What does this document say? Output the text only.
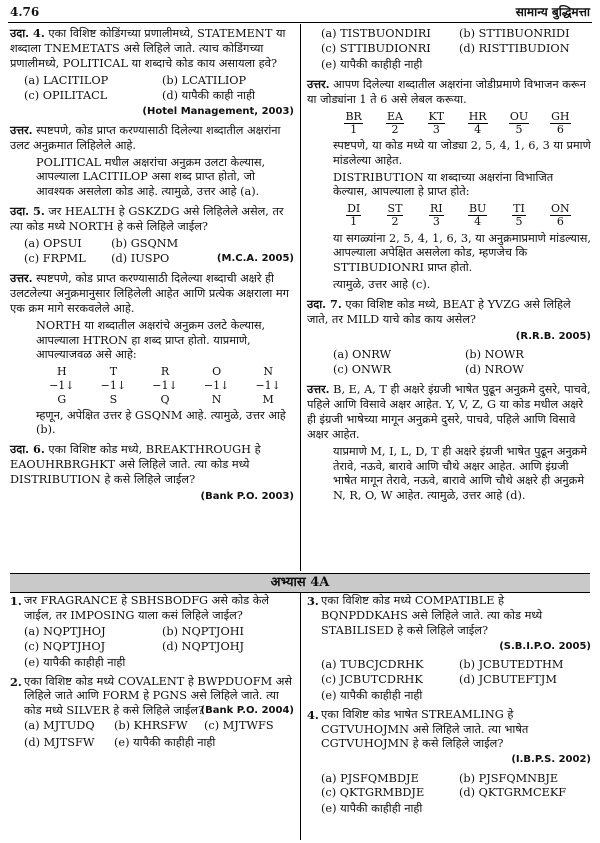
4.76	सामान्य बुद्धिमत्ता

उदा. 4. एका विशिष्ट कोडिंगच्या प्रणालीमध्ये, STATEMENT या शब्दाला TNEMETATS असे लिहिले जाते. त्याच कोडिंगच्या प्रणालीमध्ये, POLITICAL या शब्दाचे कोड काय असायला हवे?

(a) LACITILOP	(b) LCATILIOP
(c) OPILITACL	(d) यापैकी काही नाही
(Hotel Management, 2003)

उत्तर. स्पष्टपणे, कोड प्राप्त करण्यासाठी दिलेल्या शब्दातील अक्षरांना उलट अनुक्रमात लिहिलेले आहे.

POLITICAL मधील अक्षरांचा अनुक्रम उलटा केल्यास, आपल्याला LACITILOP असा शब्द प्राप्त होतो, जो आवश्यक असलेला कोड आहे. त्यामुळे, उत्तर आहे (a).

उदा. 5. जर HEALTH हे GSKZDG असे लिहिलेले असेल, तर त्या कोड मध्ये NORTH हे कसे लिहिले जाईल?

(a) OPSUI	(b) GSQNM
(c) FRPML	(d) IUSPO	(M.C.A. 2005)

उत्तर. स्पष्टपणे, कोड प्राप्त करण्यासाठी दिलेल्या शब्दाची अक्षरे ही उलटलेल्या अनुक्रमानुसार लिहिलेली आहेत आणि प्रत्येक अक्षराला मग एक क्रम मागे सरकवलेले आहे.

NORTH या शब्दातील अक्षरांचे अनुक्रम उलटे केल्यास, आपल्याला HTRON हा शब्द प्राप्त होतो. याप्रमाणे, आपल्याजवळ असे आहे:

H	T	R	O	N
−1↓	−1↓	−1↓	−1↓	−1↓
G	S	Q	N	M

म्हणून, अपेक्षित उत्तर हे GSQNM आहे. त्यामुळे, उत्तर आहे (b).

उदा. 6. एका विशिष्ट कोड मध्ये, BREAKTHROUGH हे EAOUHRBRGHKT असे लिहिले जाते. त्या कोड मध्ये DISTRIBUTION हे कसे लिहिले जाईल?

(Bank P.O. 2003)
(a) TISTBUONDIRI	(b) STTIBUONRIDI
(c) STTIBUDIONRI	(d) RISTTIBUDION
(e) यापैकी काहीही नाही

उत्तर. आपण दिलेल्या शब्दातील अक्षरांना जोडीप्रमाणे विभाजन करून या जोड्यांना 1 ते 6 असे लेबल करूया.

BR	EA	KT	HR	OU	GH
1	2	3	4	5	6

स्पष्टपणे, या कोड मध्ये या जोड्या 2, 5, 4, 1, 6, 3 या प्रमाणे मांडलेल्या आहेत.

DISTRIBUTION या शब्दाच्या अक्षरांना विभाजित केल्यास, आपल्याला हे प्राप्त होते:

DI	ST	RI	BU	TI	ON
1	2	3	4	5	6

या सगळ्यांना 2, 5, 4, 1, 6, 3, या अनुक्रमाप्रमाणे मांडल्यास, आपल्याला अपेक्षित असलेला कोड, म्हणजेच कि STTIBUDIONRI प्राप्त होतो.

त्यामुळे, उत्तर आहे (c).

उदा. 7. एका विशिष्ट कोड मध्ये, BEAT हे YVZG असे लिहिले जाते, तर MILD याचे कोड काय असेल?

(R.R.B. 2005)
(a) ONRW	(b) NOWR
(c) ONWR	(d) NROW

उत्तर. B, E, A, T ही अक्षरे इंग्रजी भाषेत पुढून अनुक्रमे दुसरे, पाचवे, पहिले आणि विसावे अक्षर आहेत. Y, V, Z, G या कोड मधील अक्षरे ही इंग्रजी भाषेच्या मागून अनुक्रमे दुसरे, पाचवे, पहिले आणि विसावे अक्षर आहेत.

याप्रमाणे M, I, L, D, T ही अक्षरे इंग्रजी भाषेत पुढून अनुक्रमे तेरावे, नऊवे, बारावे आणि चौथे अक्षर आहेत. आणि इंग्रजी भाषेत मागून तेरावे, नऊवे, बारावे आणि चौथे अक्षरे ही अनुक्रमे N, R, O, W आहेत. त्यामुळे, उत्तर आहे (d).

अभ्यास 4A
1. जर FRAGRANCE हे SBHSBODFG असे कोड केले जाईल, तर IMPOSING याला कसं लिहिले जाईल?
(a) NQPTJHOJ	(b) NQPTJOHI
(c) NQPTJHOJ	(d) NQPTJOHJ
(e) यापैकी काहीही नाही
2. एका विशिष्ट कोड मध्ये COVALENT हे BWPDUOFM असे लिहिले जाते आणि FORM हे PGNS असे लिहिले जाते. त्या कोड मध्ये SILVER हे कसे लिहिले जाईल?
(Bank P.O. 2004)
(a) MJTUDQ	(b) KHRSFW	(c) MJTWFS
(d) MJTSFW	(e) यापैकी काहीही नाही
3. एका विशिष्ट कोड मध्ये COMPATIBLE हे BQNPDDKAHS असे लिहिले जाते. त्या कोड मध्ये STABILISED हे कसे लिहिले जाईल?
(S.B.I.P.O. 2005)
(a) TUBCJCDRHK	(b) JCBUTEDTHM
(c) JCBUTCDRHK	(d) JCBUTEFTJM
(e) यापैकी काहीही नाही
4. एका विशिष्ट कोड भाषेत STREAMLING हे CGTVUHOJMN असे लिहिले जाते. त्या भाषेत CGTVUHOJMN हे कसे लिहिले जाईल?
(I.B.P.S. 2002)
(a) PJSFQMBDJE	(b) PJSFQMNBJE
(c) QKTGRMBDJE	(d) QKTGRMCEKF
(e) यापैकी काहीही नाही
